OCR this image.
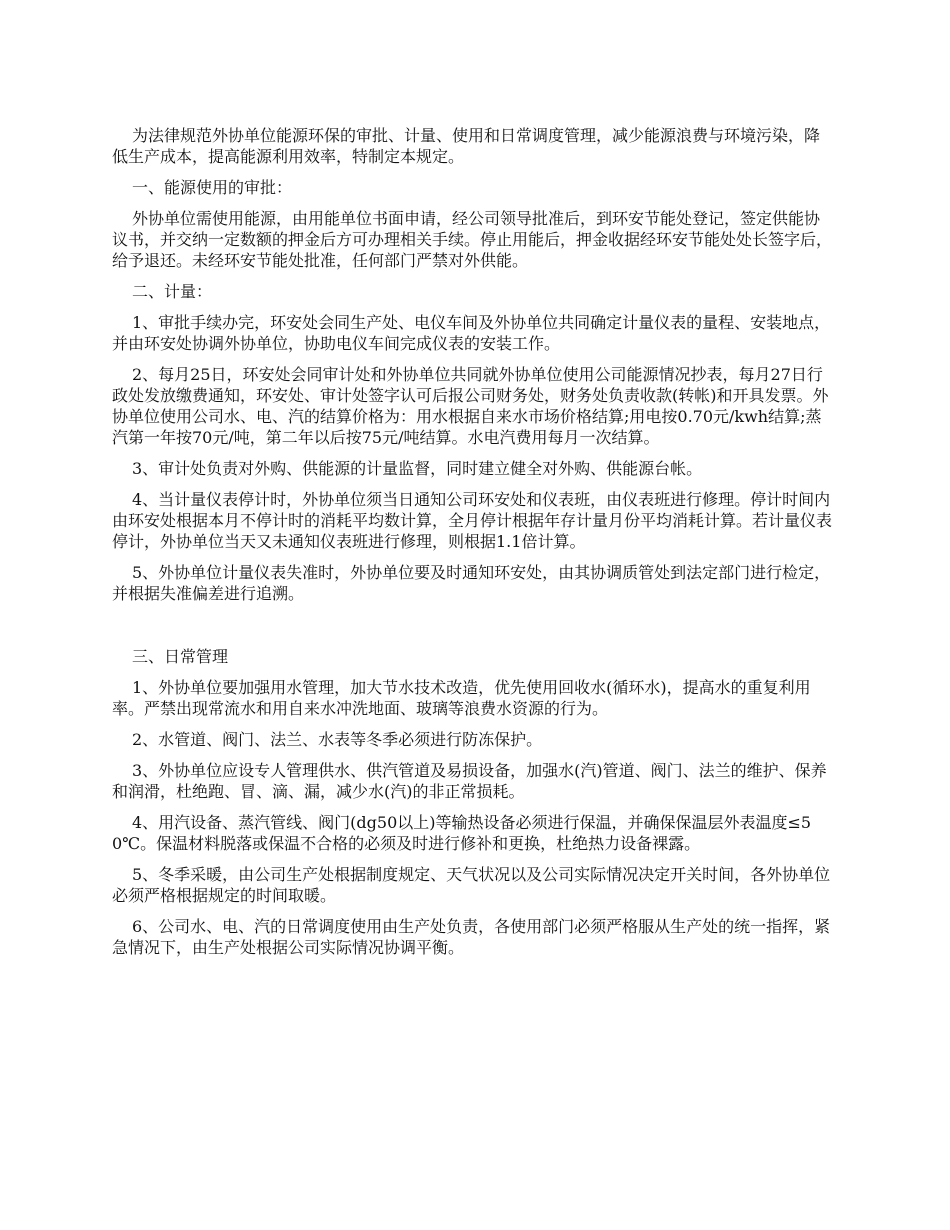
为法律规范外协单位能源环保的审批、计量、使用和日常调度管理，减少能源浪费与环境污染，降低生产成本，提高能源利用效率，特制定本规定。

一、能源使用的审批：

外协单位需使用能源，由用能单位书面申请，经公司领导批准后，到环安节能处登记，签定供能协议书，并交纳一定数额的押金后方可办理相关手续。停止用能后，押金收据经环安节能处处长签字后，给予退还。未经环安节能处批准，任何部门严禁对外供能。

二、计量：

1、审批手续办完，环安处会同生产处、电仪车间及外协单位共同确定计量仪表的量程、安装地点，并由环安处协调外协单位，协助电仪车间完成仪表的安装工作。

2、每月25日，环安处会同审计处和外协单位共同就外协单位使用公司能源情况抄表，每月27日行政处发放缴费通知，环安处、审计处签字认可后报公司财务处，财务处负责收款(转帐)和开具发票。外协单位使用公司水、电、汽的结算价格为：用水根据自来水市场价格结算;用电按0.70元/kwh结算;蒸汽第一年按70元/吨，第二年以后按75元/吨结算。水电汽费用每月一次结算。

3、审计处负责对外购、供能源的计量监督，同时建立健全对外购、供能源台帐。

4、当计量仪表停计时，外协单位须当日通知公司环安处和仪表班，由仪表班进行修理。停计时间内由环安处根据本月不停计时的消耗平均数计算，全月停计根据年存计量月份平均消耗计算。若计量仪表停计，外协单位当天又未通知仪表班进行修理，则根据1.1倍计算。

5、外协单位计量仪表失准时，外协单位要及时通知环安处，由其协调质管处到法定部门进行检定，并根据失准偏差进行追溯。

三、日常管理

1、外协单位要加强用水管理，加大节水技术改造，优先使用回收水(循环水)，提高水的重复利用率。严禁出现常流水和用自来水冲洗地面、玻璃等浪费水资源的行为。

2、水管道、阀门、法兰、水表等冬季必须进行防冻保护。

3、外协单位应设专人管理供水、供汽管道及易损设备，加强水(汽)管道、阀门、法兰的维护、保养和润滑，杜绝跑、冒、滴、漏，减少水(汽)的非正常损耗。

4、用汽设备、蒸汽管线、阀门(dg50以上)等输热设备必须进行保温，并确保保温层外表温度≤50℃。保温材料脱落或保温不合格的必须及时进行修补和更换，杜绝热力设备裸露。

5、冬季采暖，由公司生产处根据制度规定、天气状况以及公司实际情况决定开关时间，各外协单位必须严格根据规定的时间取暖。

6、公司水、电、汽的日常调度使用由生产处负责，各使用部门必须严格服从生产处的统一指挥，紧急情况下，由生产处根据公司实际情况协调平衡。
